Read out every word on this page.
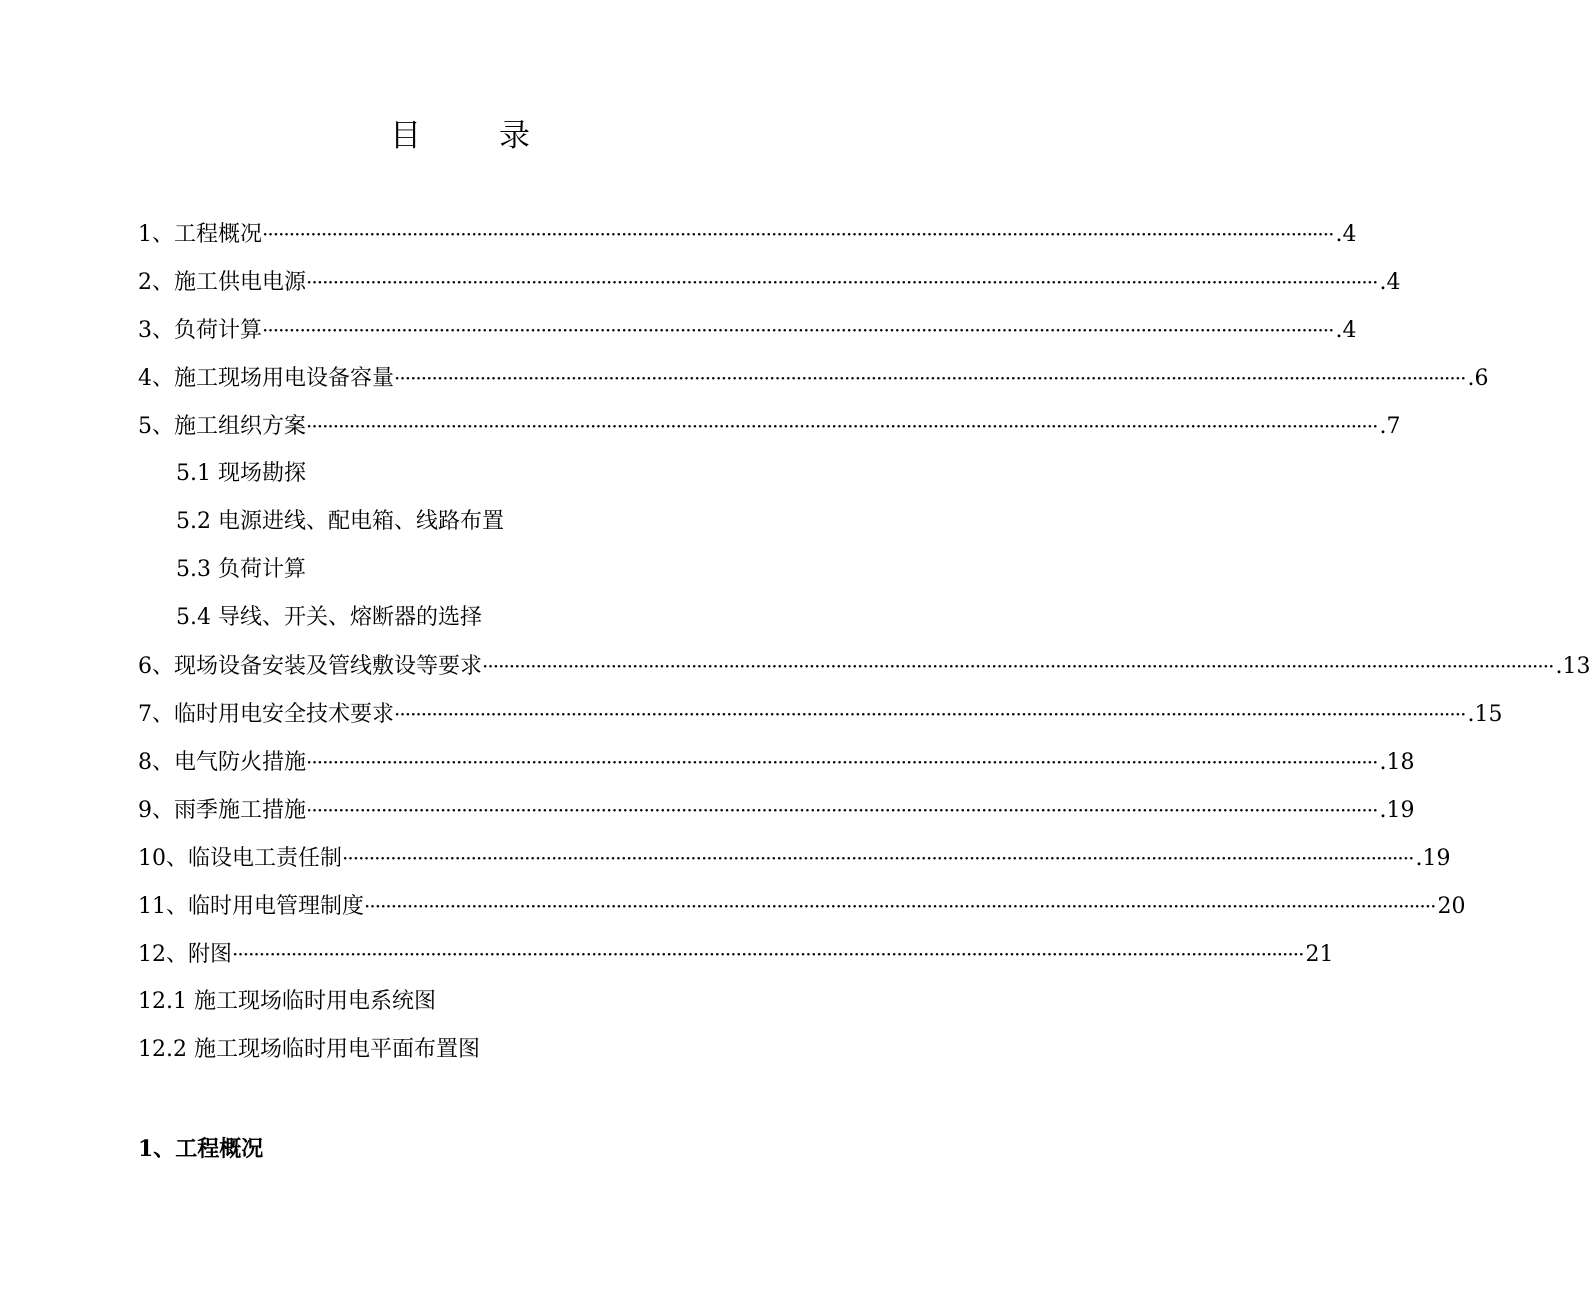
目	录
1、工程概况 ········································································································································································································ .4
2、施工供电电源 ········································································································································································································ .4
3、负荷计算 ········································································································································································································ .4
4、施工现场用电设备容量 ········································································································································································································ .6
5、施工组织方案 ········································································································································································································ .7
5.1 现场勘探
5.2 电源进线、配电箱、线路布置
5.3 负荷计算
5.4 导线、开关、熔断器的选择
6、现场设备安装及管线敷设等要求 ········································································································································································································ .13
7、临时用电安全技术要求 ········································································································································································································ .15
8、电气防火措施 ········································································································································································································ .18
9、雨季施工措施 ········································································································································································································ .19
10、临设电工责任制 ········································································································································································································ .19
11、临时用电管理制度 ········································································································································································································ 20
12、附图 ········································································································································································································ 21
12.1 施工现场临时用电系统图
12.2 施工现场临时用电平面布置图
1、工程概况
